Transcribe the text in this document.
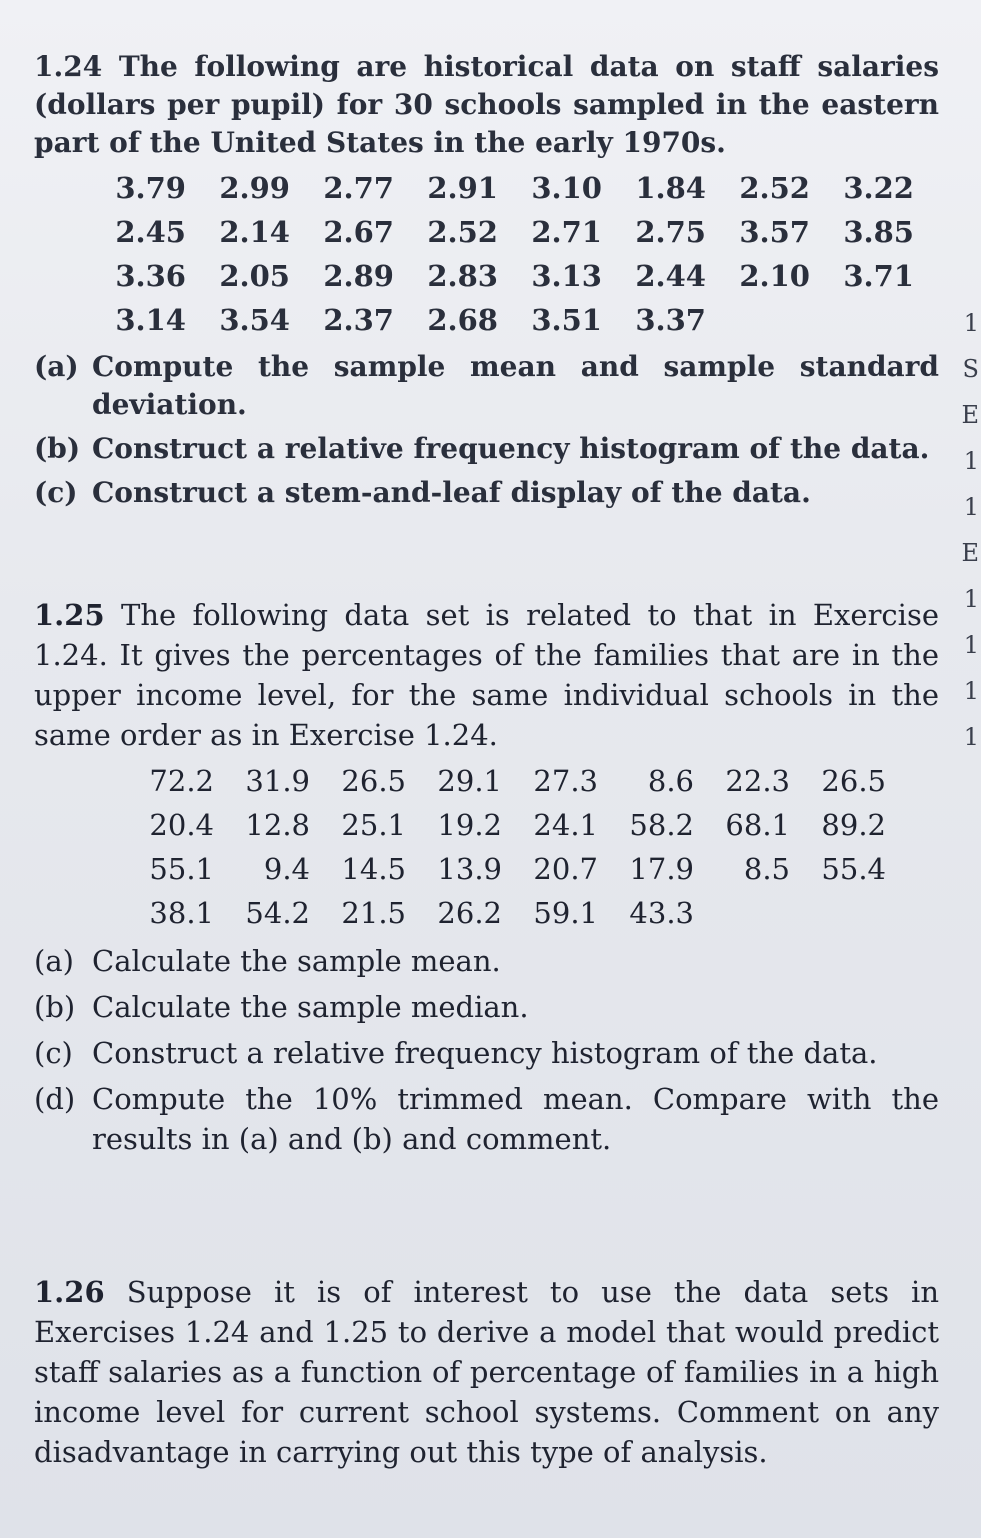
1.24 The following are historical data on staff salaries (dollars per pupil) for 30 schools sampled in the eastern part of the United States in the early 1970s.

3.79	2.99	2.77	2.91	3.10	1.84	2.52	3.22
2.45	2.14	2.67	2.52	2.71	2.75	3.57	3.85
3.36	2.05	2.89	2.83	3.13	2.44	2.10	3.71
3.14	3.54	2.37	2.68	3.51	3.37		
(a) Compute the sample mean and sample standard deviation.
(b) Construct a relative frequency histogram of the data.
(c) Construct a stem-and-leaf display of the data.

1.25 The following data set is related to that in Exercise 1.24. It gives the percentages of the families that are in the upper income level, for the same individual schools in the same order as in Exercise 1.24.

72.2	31.9	26.5	29.1	27.3	8.6	22.3	26.5
20.4	12.8	25.1	19.2	24.1	58.2	68.1	89.2
55.1	9.4	14.5	13.9	20.7	17.9	8.5	55.4
38.1	54.2	21.5	26.2	59.1	43.3		
(a) Calculate the sample mean.
(b) Calculate the sample median.
(c) Construct a relative frequency histogram of the data.
(d) Compute the 10% trimmed mean. Compare with the results in (a) and (b) and comment.

1.26 Suppose it is of interest to use the data sets in Exercises 1.24 and 1.25 to derive a model that would predict staff salaries as a function of percentage of families in a high income level for current school systems. Comment on any disadvantage in carrying out this type of analysis.

1
S
E
1
1
E
1
1
1
1
